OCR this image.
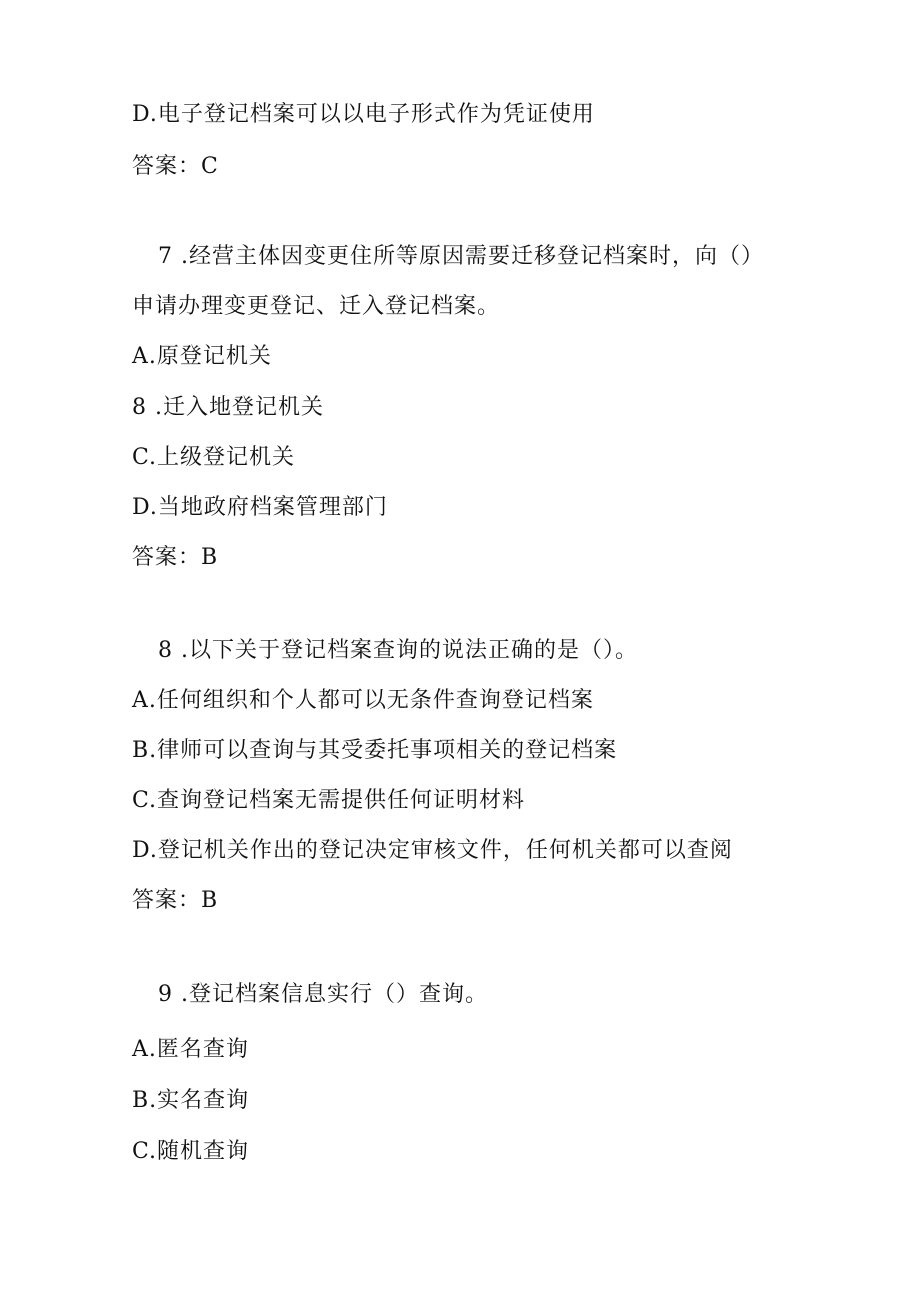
D.电子登记档案可以以电子形式作为凭证使用
答案：C
7 .经营主体因变更住所等原因需要迁移登记档案时，向（）
申请办理变更登记、迁入登记档案。
A.原登记机关
8 .迁入地登记机关
C.上级登记机关
D.当地政府档案管理部门
答案：B
8 .以下关于登记档案查询的说法正确的是（）。
A.任何组织和个人都可以无条件查询登记档案
B.律师可以查询与其受委托事项相关的登记档案
C.查询登记档案无需提供任何证明材料
D.登记机关作出的登记决定审核文件，任何机关都可以查阅
答案：B
9 .登记档案信息实行（）查询。
A.匿名查询
B.实名查询
C.随机查询
